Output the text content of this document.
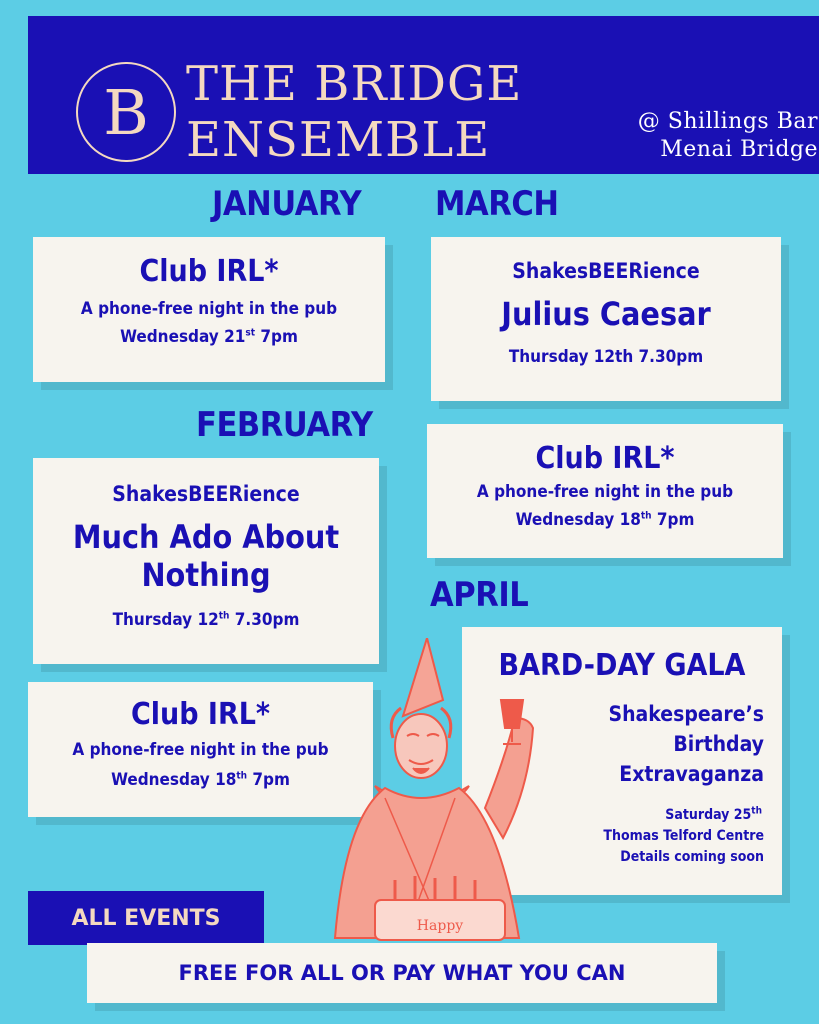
B THE BRIDGE
ENSEMBLE	@ Shillings Bar
Menai Bridge
JANUARY
FEBRUARY
MARCH
APRIL
Club IRL*
A phone-free night in the pub
Wednesday 21st 7pm
ShakesBEERience
Much Ado About
Nothing
Thursday 12th 7.30pm
Club IRL*
A phone-free night in the pub
Wednesday 18th 7pm
ShakesBEERience
Julius Caesar
Thursday 12th 7.30pm
Club IRL*
A phone-free night in the pub
Wednesday 18th 7pm
BARD-DAY GALA
Shakespeare’s
Birthday
Extravaganza
Saturday 25th
Thomas Telford Centre
Details coming soon
Happy
ALL EVENTS
FREE FOR ALL OR PAY WHAT YOU CAN
